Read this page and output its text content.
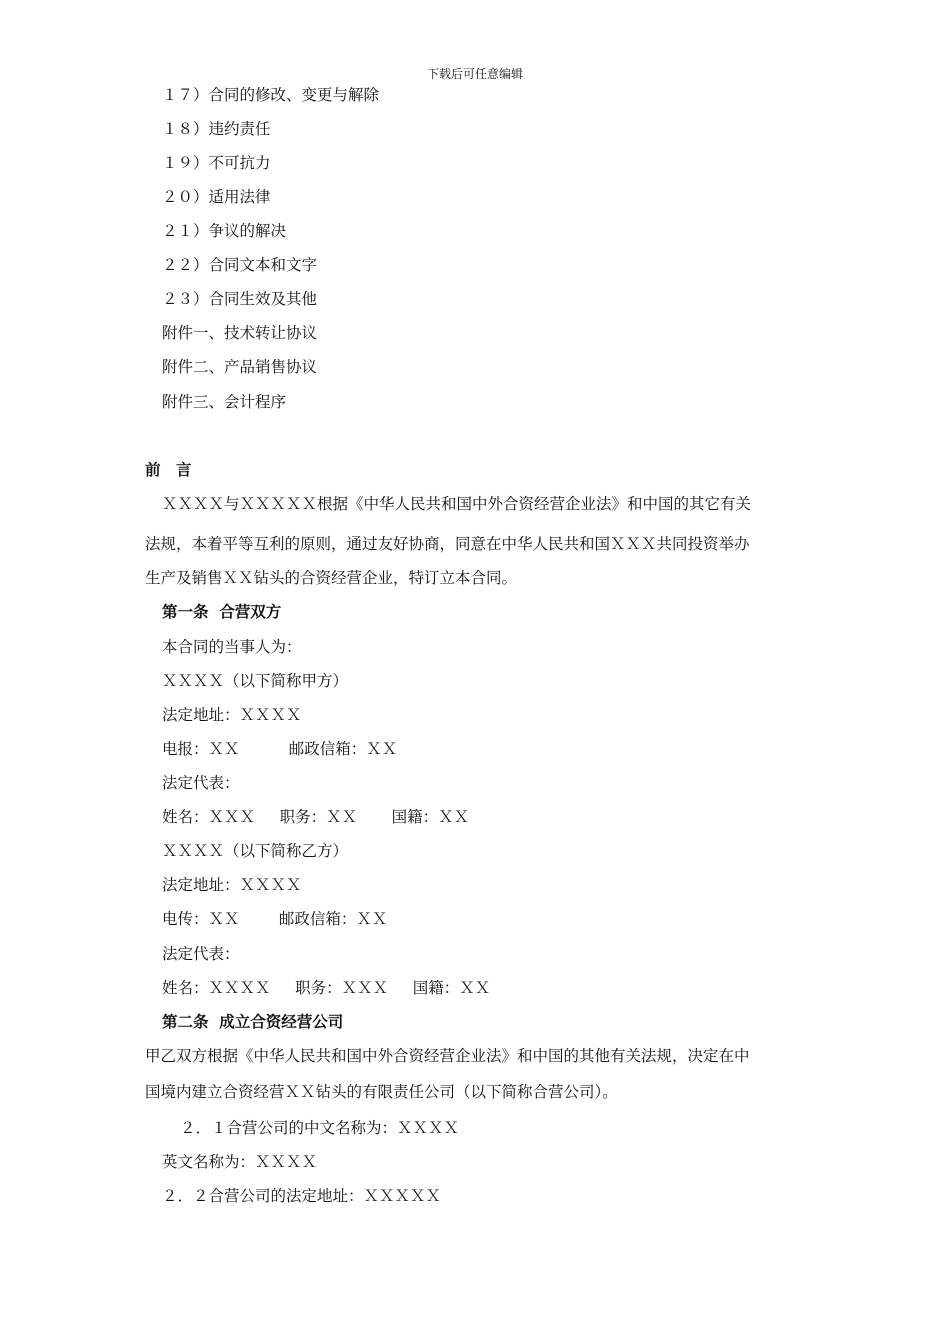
下载后可任意编辑

１７）合同的修改、变更与解除

１８）违约责任

１９）不可抗力

２０）适用法律

２１）争议的解决

２２）合同文本和文字

２３）合同生效及其他

附件一、技术转让协议

附件二、产品销售协议

附件三、会计程序

前　言

ＸＸＸＸ与ＸＸＸＸＸ根据《中华人民共和国中外合资经营企业法》和中国的其它有关

法规，本着平等互利的原则，通过友好协商，同意在中华人民共和国ＸＸＸ共同投资举办

生产及销售ＸＸ钻头的合资经营企业，特订立本合同。

第一条  合营双方

本合同的当事人为：

ＸＸＸＸ（以下简称甲方）

法定地址：ＸＸＸＸ

电报：ＸＸ          邮政信箱：ＸＸ

法定代表：

姓名：ＸＸＸ     职务：ＸＸ       国籍：ＸＸ

ＸＸＸＸ（以下简称乙方）

法定地址：ＸＸＸＸ

电传：ＸＸ        邮政信箱：ＸＸ

法定代表：

姓名：ＸＸＸＸ     职务：ＸＸＸ     国籍：ＸＸ

第二条  成立合资经营公司

甲乙双方根据《中华人民共和国中外合资经营企业法》和中国的其他有关法规，决定在中

国境内建立合资经营ＸＸ钻头的有限责任公司（以下简称合营公司）。

２．１合营公司的中文名称为：ＸＸＸＸ

英文名称为：ＸＸＸＸ

２．２合营公司的法定地址：ＸＸＸＸＸ
